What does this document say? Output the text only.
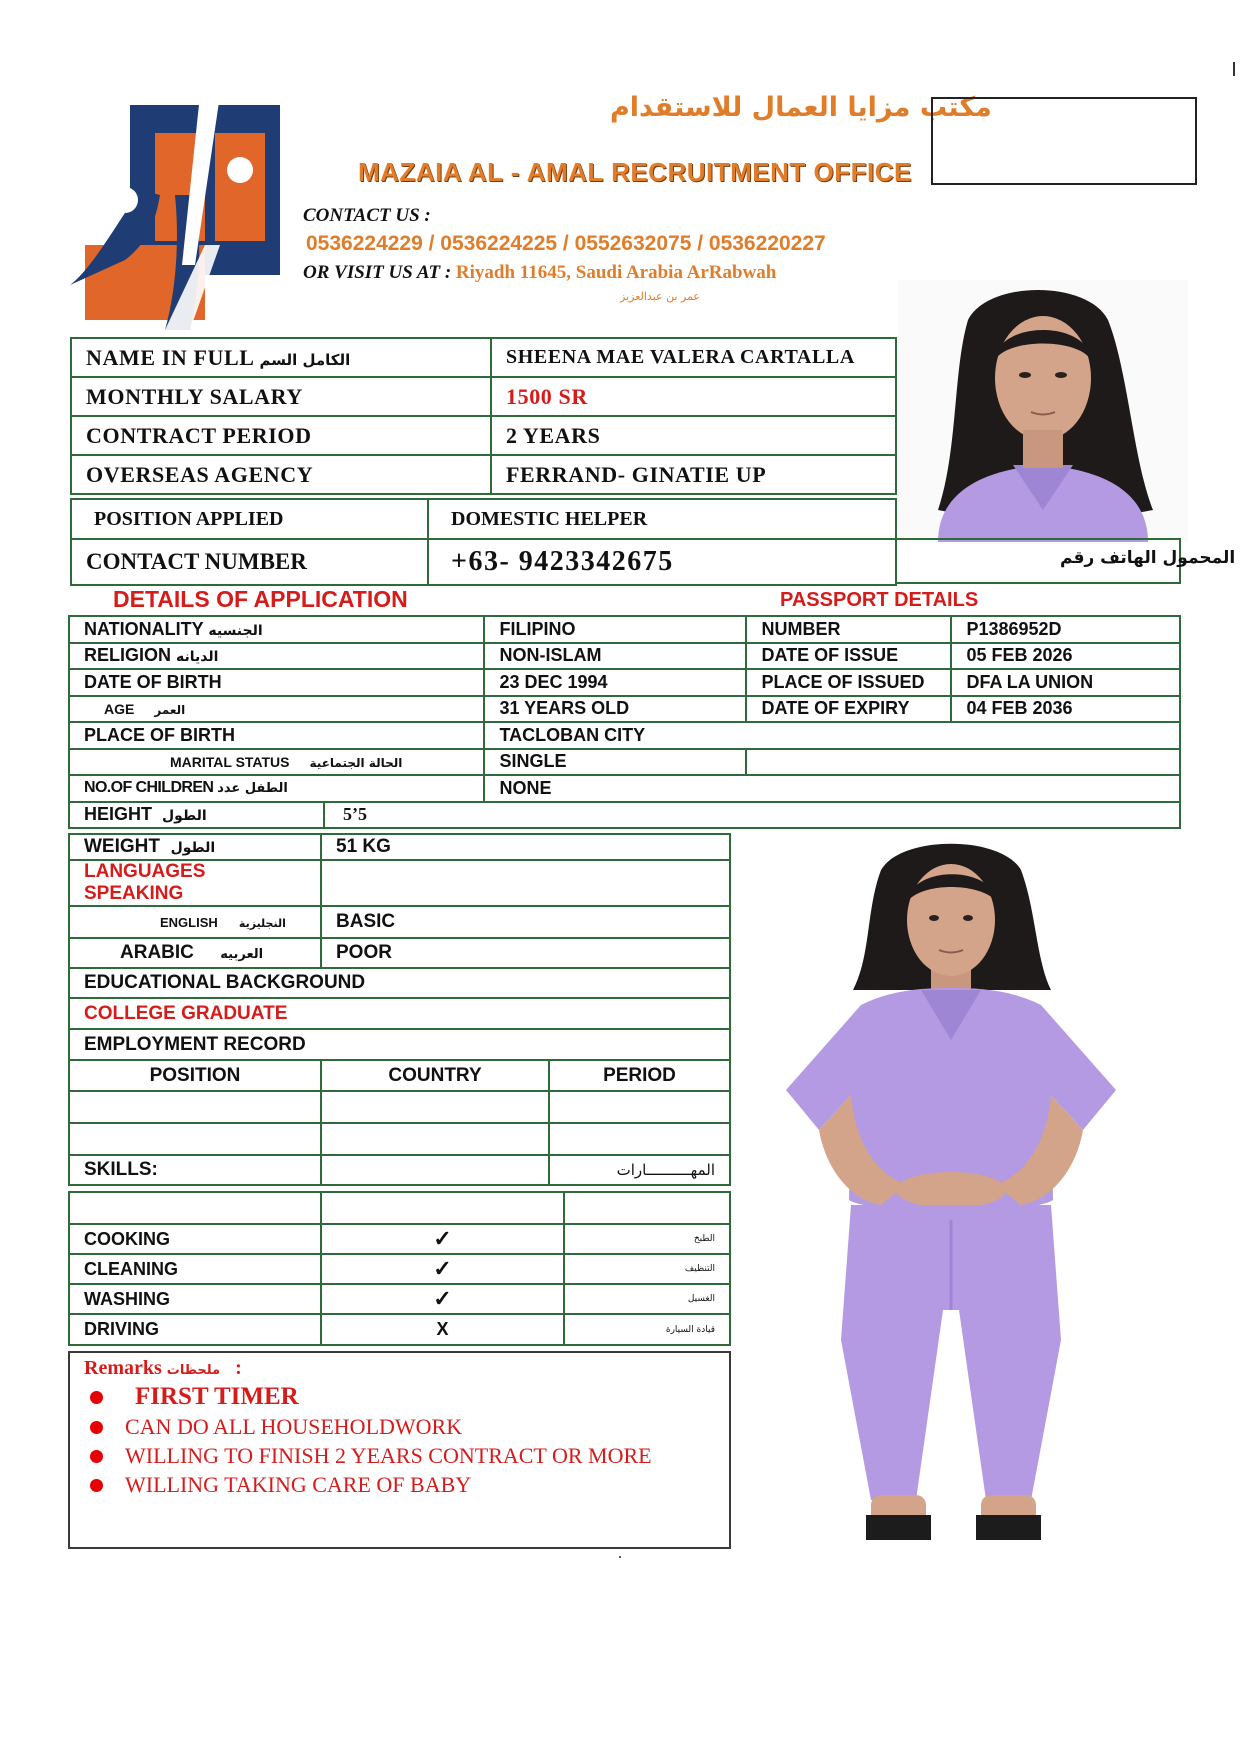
مكتب مزايا العمال للاستقدام
MAZAIA AL - AMAL RECRUITMENT OFFICE
CONTACT US :
0536224229 / 0536224225 / 0552632075 / 0536220227
OR VISIT US AT : Riyadh 11645, Saudi Arabia ArRabwah
عمر بن عبدالعزيز
NAME IN FULL الكامل السم	SHEENA MAE VALERA CARTALLA
MONTHLY SALARY	1500 SR
CONTRACT PERIOD	2 YEARS
OVERSEAS AGENCY	FERRAND- GINATIE UP
POSITION APPLIED	DOMESTIC HELPER
CONTACT NUMBER	+63- 9423342675	المحمول الهاتف رقم
DETAILS OF APPLICATION	PASSPORT DETAILS
NATIONALITY الجنسيه		FILIPINO	NUMBER	P1386952D
RELIGION الديانه		NON-ISLAM	DATE OF ISSUE	05 FEB 2026
DATE OF BIRTH		23 DEC 1994	PLACE OF ISSUED	DFA LA UNION
AGE العمر		31 YEARS OLD	DATE OF EXPIRY	04 FEB 2036
PLACE OF BIRTH		TACLOBAN CITY		
MARITAL STATUS الحالة الجتماعية		SINGLE		
NO.OF CHILDREN الطفل عدد		NONE		
HEIGHT الطول	5’5			
WEIGHT الطول	51 KG	
LANGUAGES SPEAKING		
ENGLISH النجليزية	BASIC	
ARABIC العربيه	POOR	
EDUCATIONAL BACKGROUND		
COLLEGE GRADUATE		
EMPLOYMENT RECORD		
POSITION	COUNTRY	PERIOD

SKILLS:		المهــــــــــارات

COOKING	✓	الطبخ
CLEANING	✓	التنظيف
WASHING	✓	الغسيل
DRIVING	X	قيادة السيارة
Remarks ملحظات :
FIRST TIMER
CAN DO ALL HOUSEHOLDWORK
WILLING TO FINISH 2 YEARS CONTRACT OR MORE
WILLING TAKING CARE OF BABY
